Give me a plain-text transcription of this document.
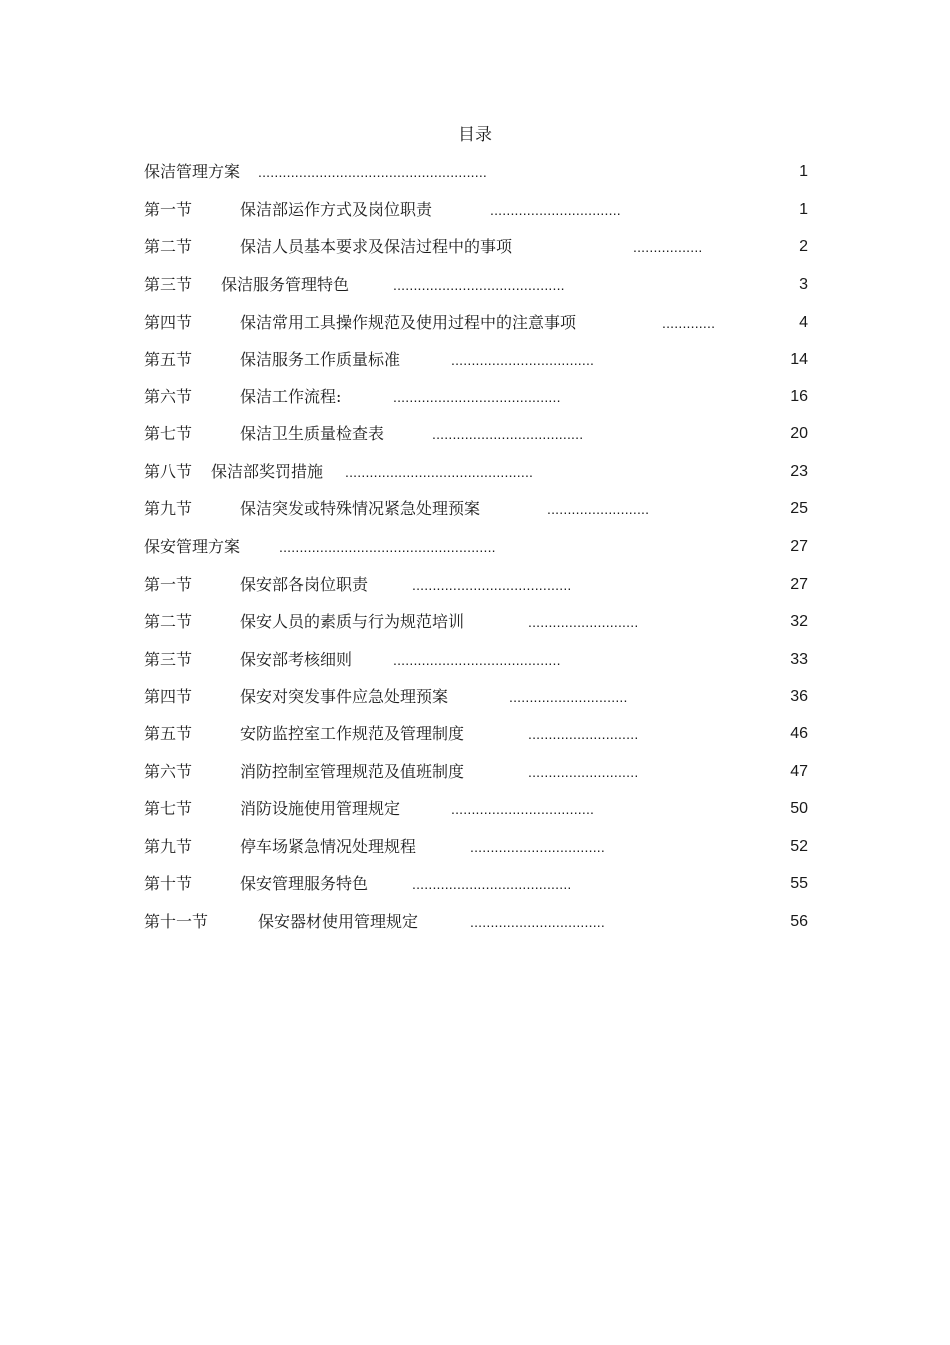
目录
保洁管理方案 ........................................................	1
第一节	保洁部运作方式及岗位职责	................................	1
第二节	保洁人员基本要求及保洁过程中的事项	.................	2
第三节 保洁服务管理特色	..........................................	3
第四节	保洁常用工具操作规范及使用过程中的注意事项	.............	4
第五节	保洁服务工作质量标准	...................................	14
第六节	保洁工作流程:	.........................................	16
第七节	保洁卫生质量检查表	.....................................	20
第八节 保洁部奖罚措施 ..............................................	23
第九节	保洁突发或特殊情况紧急处理预案	.........................	25
保安管理方案	.....................................................	27
第一节	保安部各岗位职责	.......................................	27
第二节	保安人员的素质与行为规范培训	...........................	32
第三节	保安部考核细则	.........................................	33
第四节	保安对突发事件应急处理预案	.............................	36
第五节	安防监控室工作规范及管理制度	...........................	46
第六节	消防控制室管理规范及值班制度	...........................	47
第七节	消防设施使用管理规定	...................................	50
第九节	停车场紧急情况处理规程	.................................	52
第十节	保安管理服务特色	.......................................	55
第十一节	保安器材使用管理规定	.................................	56
